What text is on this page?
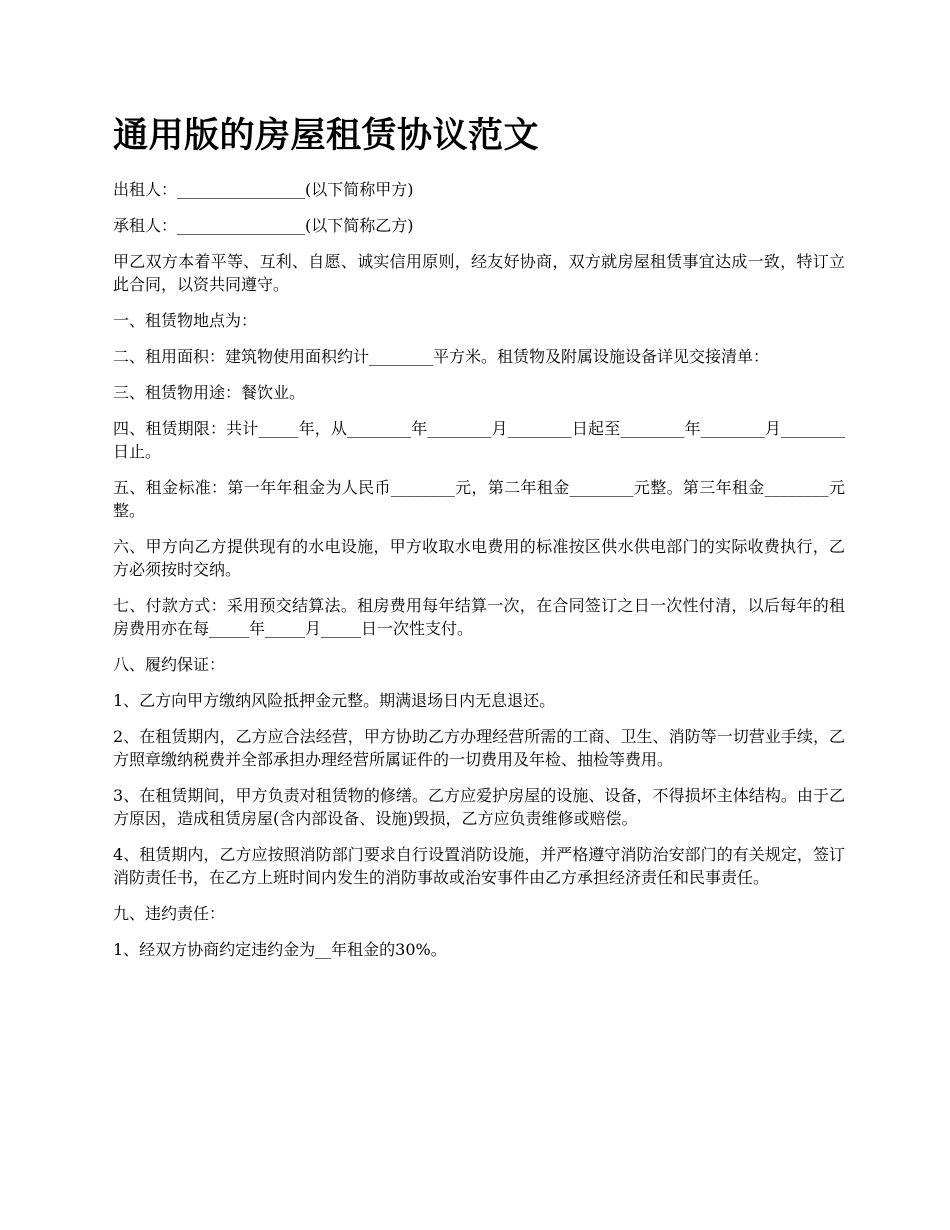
通用版的房屋租赁协议范文

出租人：________________(以下简称甲方)

承租人：________________(以下简称乙方)

甲乙双方本着平等、互利、自愿、诚实信用原则，经友好协商，双方就房屋租赁事宜达成一致，特订立此合同，以资共同遵守。

一、租赁物地点为：

二、租用面积：建筑物使用面积约计________平方米。租赁物及附属设施设备详见交接清单：

三、租赁物用途：餐饮业。

四、租赁期限：共计_____年，从________年________月________日起至________年________月________日止。

五、租金标准：第一年年租金为人民币________元，第二年租金________元整。第三年租金________元整。

六、甲方向乙方提供现有的水电设施，甲方收取水电费用的标准按区供水供电部门的实际收费执行，乙方必须按时交纳。

七、付款方式：采用预交结算法。租房费用每年结算一次，在合同签订之日一次性付清，以后每年的租房费用亦在每_____年_____月_____日一次性支付。

八、履约保证：

1、乙方向甲方缴纳风险抵押金元整。期满退场日内无息退还。

2、在租赁期内，乙方应合法经营，甲方协助乙方办理经营所需的工商、卫生、消防等一切营业手续，乙方照章缴纳税费并全部承担办理经营所属证件的一切费用及年检、抽检等费用。

3、在租赁期间，甲方负责对租赁物的修缮。乙方应爱护房屋的设施、设备，不得损坏主体结构。由于乙方原因，造成租赁房屋(含内部设备、设施)毁损，乙方应负责维修或赔偿。

4、租赁期内，乙方应按照消防部门要求自行设置消防设施，并严格遵守消防治安部门的有关规定，签订消防责任书，在乙方上班时间内发生的消防事故或治安事件由乙方承担经济责任和民事责任。

九、违约责任：

1、经双方协商约定违约金为__年租金的30%。
